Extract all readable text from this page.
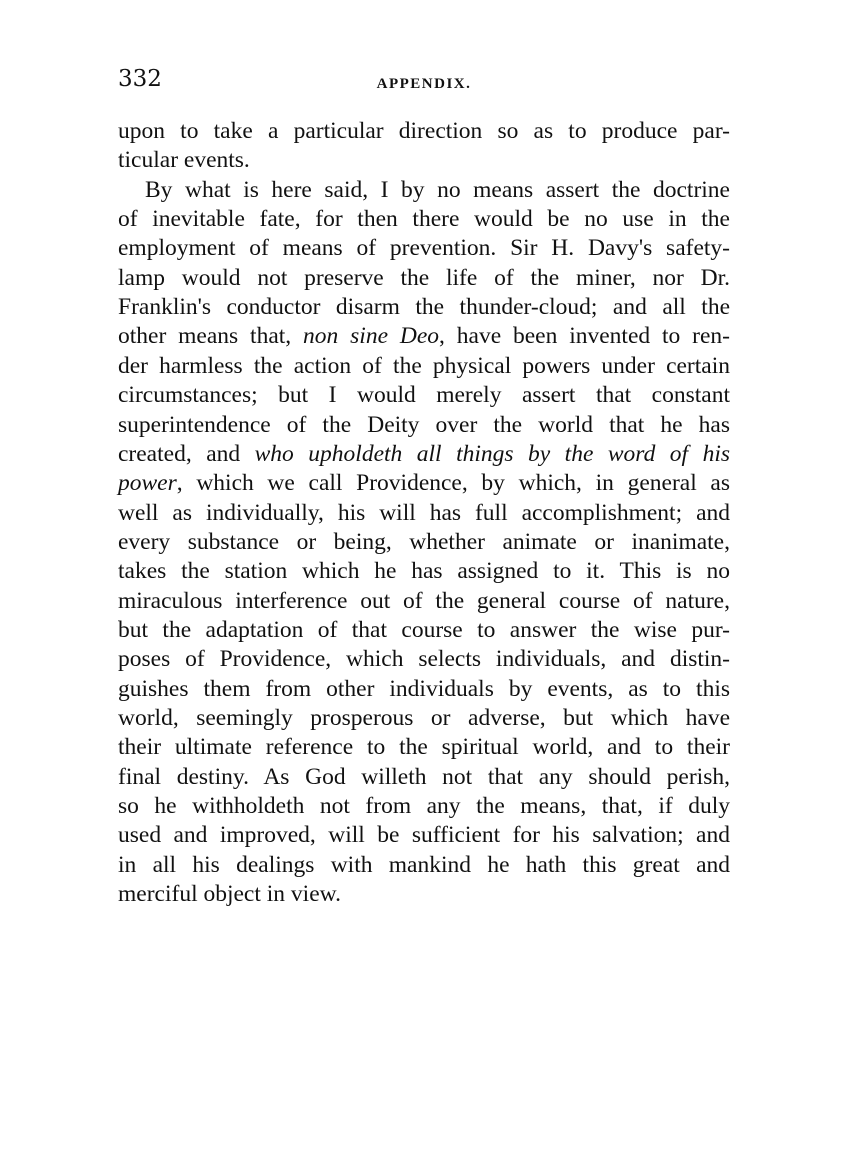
332	APPENDIX.
upon to take a particular direction so as to produce par-
ticular events.
By what is here said, I by no means assert the doctrine
of inevitable fate, for then there would be no use in the
employment of means of prevention. Sir H. Davy's safety-
lamp would not preserve the life of the miner, nor Dr.
Franklin's conductor disarm the thunder-cloud; and all the
other means that, non sine Deo, have been invented to ren-
der harmless the action of the physical powers under certain
circumstances; but I would merely assert that constant
superintendence of the Deity over the world that he has
created, and who upholdeth all things by the word of his
power, which we call Providence, by which, in general as
well as individually, his will has full accomplishment; and
every substance or being, whether animate or inanimate,
takes the station which he has assigned to it. This is no
miraculous interference out of the general course of nature,
but the adaptation of that course to answer the wise pur-
poses of Providence, which selects individuals, and distin-
guishes them from other individuals by events, as to this
world, seemingly prosperous or adverse, but which have
their ultimate reference to the spiritual world, and to their
final destiny. As God willeth not that any should perish,
so he withholdeth not from any the means, that, if duly
used and improved, will be sufficient for his salvation; and
in all his dealings with mankind he hath this great and
merciful object in view.
